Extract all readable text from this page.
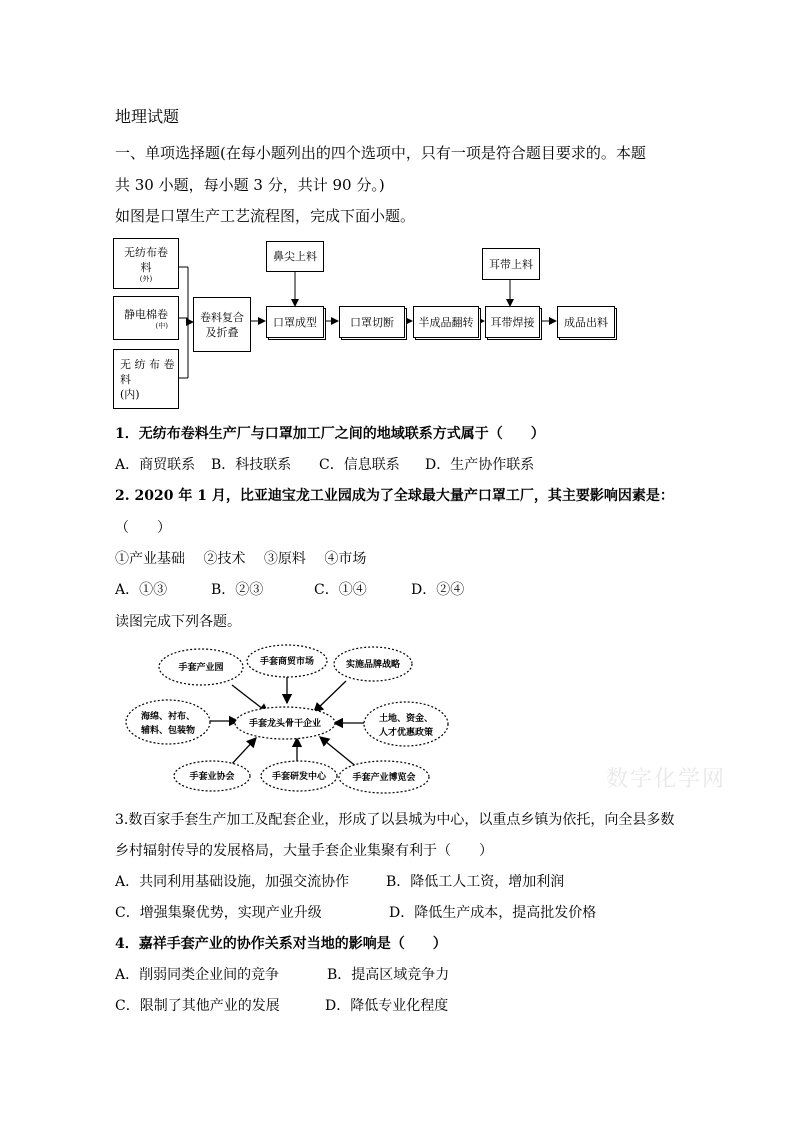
地理试题
一、单项选择题(在每小题列出的四个选项中，只有一项是符合题目要求的。本题
共 30 小题，每小题 3 分，共计 90 分。)
如图是口罩生产工艺流程图，完成下面小题。
无纺布卷
料
(外)
静电棉卷
(中)
无 纺 布 卷
料
(内)
卷料复合
及折叠
鼻尖上料
耳带上料
口罩成型	口罩切断	半成品翻转	耳带焊接	成品出料
1．无纺布卷料生产厂与口罩加工厂之间的地域联系方式属于（　　）
A．商贸联系 B．科技联系 C．信息联系 D．生产协作联系
2. 2020 年 1 月，比亚迪宝龙工业园成为了全球最大量产口罩工厂，其主要影响因素是：
（　　）
①产业基础　 ②技术　 ③原料　 ④市场
A．①③	B．②③	C．①④	D．②④
读图完成下列各题。
手套产业园
手套商贸市场	实施品牌战略
海绵、衬布、
辅料、包装物
手套龙头骨干企业	土地、资金、
人才优惠政策
手套业协会	手套研发中心	手套产业博览会	数字化学网
3.数百家手套生产加工及配套企业，形成了以县城为中心，以重点乡镇为依托，向全县多数
乡村辐射传导的发展格局，大量手套企业集聚有利于（　　）
A．共同利用基础设施，加强交流协作	B．降低工人工资，增加利润
C．增强集聚优势，实现产业升级	D．降低生产成本，提高批发价格
4．嘉祥手套产业的协作关系对当地的影响是（　　）
A．削弱同类企业间的竞争	B．提高区域竞争力
C．限制了其他产业的发展	D．降低专业化程度
